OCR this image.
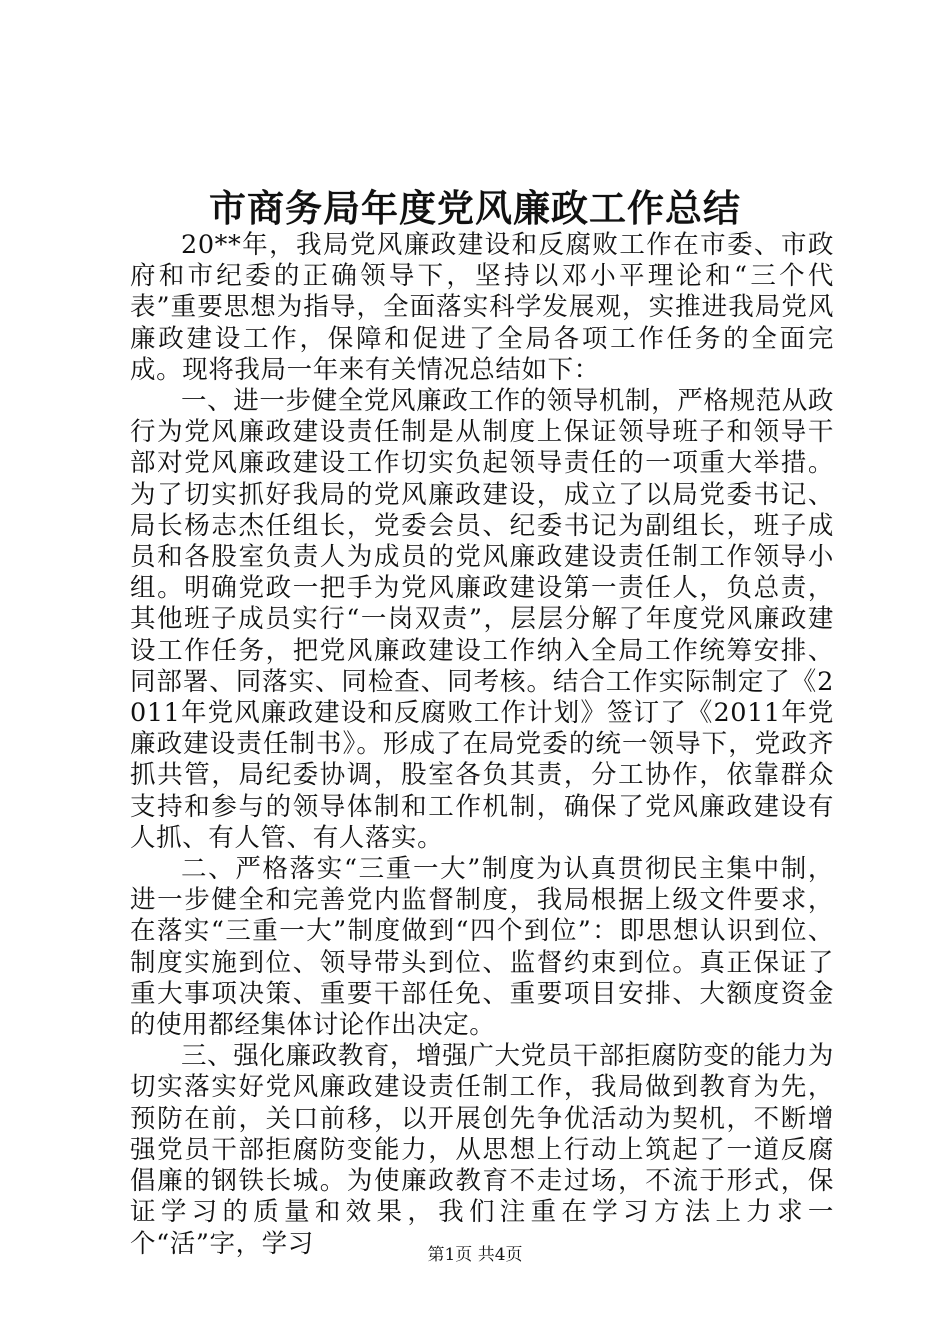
市商务局年度党风廉政工作总结

20**年，我局党风廉政建设和反腐败工作在市委、市政府和市纪委的正确领导下，坚持以邓小平理论和“三个代表”重要思想为指导，全面落实科学发展观，实推进我局党风廉政建设工作，保障和促进了全局各项工作任务的全面完成。现将我局一年来有关情况总结如下：

一、进一步健全党风廉政工作的领导机制，严格规范从政行为党风廉政建设责任制是从制度上保证领导班子和领导干部对党风廉政建设工作切实负起领导责任的一项重大举措。为了切实抓好我局的党风廉政建设，成立了以局党委书记、局长杨志杰任组长，党委会员、纪委书记为副组长，班子成员和各股室负责人为成员的党风廉政建设责任制工作领导小组。明确党政一把手为党风廉政建设第一责任人，负总责，其他班子成员实行“一岗双责”，层层分解了年度党风廉政建设工作任务，把党风廉政建设工作纳入全局工作统筹安排、同部署、同落实、同检查、同考核。结合工作实际制定了《2011年党风廉政建设和反腐败工作计划》签订了《2011年党廉政建设责任制书》。形成了在局党委的统一领导下，党政齐抓共管，局纪委协调，股室各负其责，分工协作，依靠群众支持和参与的领导体制和工作机制，确保了党风廉政建设有人抓、有人管、有人落实。

二、严格落实“三重一大”制度为认真贯彻民主集中制，进一步健全和完善党内监督制度，我局根据上级文件要求，在落实“三重一大”制度做到“四个到位”：即思想认识到位、制度实施到位、领导带头到位、监督约束到位。真正保证了重大事项决策、重要干部任免、重要项目安排、大额度资金的使用都经集体讨论作出决定。

三、强化廉政教育，增强广大党员干部拒腐防变的能力为切实落实好党风廉政建设责任制工作，我局做到教育为先，预防在前，关口前移，以开展创先争优活动为契机，不断增强党员干部拒腐防变能力，从思想上行动上筑起了一道反腐倡廉的钢铁长城。为使廉政教育不走过场，不流于形式，保证学习的质量和效果，我们注重在学习方法上力求一个“活”字，学习	第1页 共4页
